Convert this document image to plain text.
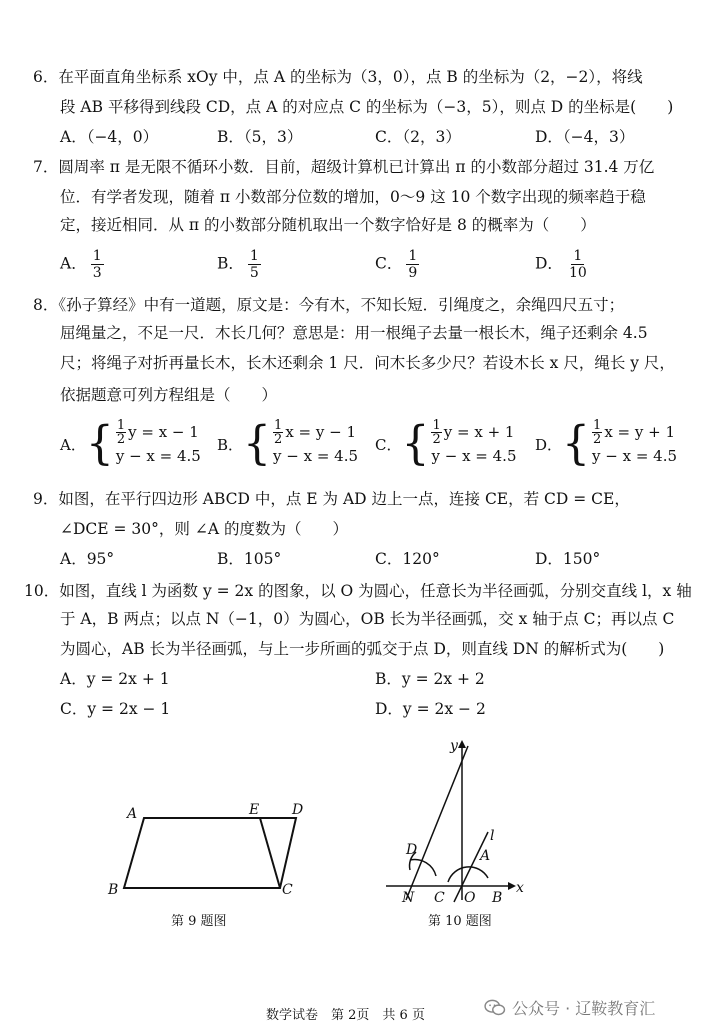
6．在平面直角坐标系 xOy 中，点 A 的坐标为（3，0），点 B 的坐标为（2，−2），将线
段 AB 平移得到线段 CD，点 A 的对应点 C 的坐标为（−3，5），则点 D 的坐标是(　　)
A．（−4，0）	B．（5，3）	C．（2，3）	D．（−4，3）
7．圆周率 π 是无限不循环小数．目前，超级计算机已计算出 π 的小数部分超过 31.4 万亿
位．有学者发现，随着 π 小数部分位数的增加，0～9 这 10 个数字出现的频率趋于稳
定，接近相同．从 π 的小数部分随机取出一个数字恰好是 8 的概率为（　　）
A． $\frac{1}{3}$	B． $\frac{1}{5}$	C． $\frac{1}{9}$	D． $\frac{1}{10}$
8．《孙子算经》中有一道题，原文是：今有木，不知长短．引绳度之，余绳四尺五寸；
屈绳量之，不足一尺．木长几何？意思是：用一根绳子去量一根长木，绳子还剩余 4.5
尺；将绳子对折再量长木，长木还剩余 1 尺．问木长多少尺？若设木长 x 尺，绳长 y 尺，
依据题意可列方程组是（　　）
A． { $\frac{1}{2}$ y = x − 1
y − x = 4.5
B． { $\frac{1}{2}$ x = y − 1
y − x = 4.5
C． { $\frac{1}{2}$ y = x + 1
y − x = 4.5
D． { $\frac{1}{2}$ x = y + 1
y − x = 4.5
9．如图，在平行四边形 ABCD 中，点 E 为 AD 边上一点，连接 CE，若 CD = CE，
∠DCE = 30°，则 ∠A 的度数为（　　）
A．95°	B．105°	C．120°	D．150°
10．如图，直线 l 为函数 y = 2x 的图象，以 O 为圆心，任意长为半径画弧，分别交直线 l，x 轴
于 A，B 两点；以点 N（−1，0）为圆心，OB 长为半径画弧，交 x 轴于点 C；再以点 C
为圆心，AB 长为半径画弧，与上一步所画的弧交于点 D，则直线 DN 的解析式为(　　)
A．y = 2x + 1	B．y = 2x + 2
C．y = 2x − 1	D．y = 2x − 2
A	E D
B	C
第 9 题图
y
x
l
A
D
N C O B
第 10 题图
数学试卷　第 2页　共 6 页	公众号 · 辽鞍教育汇
